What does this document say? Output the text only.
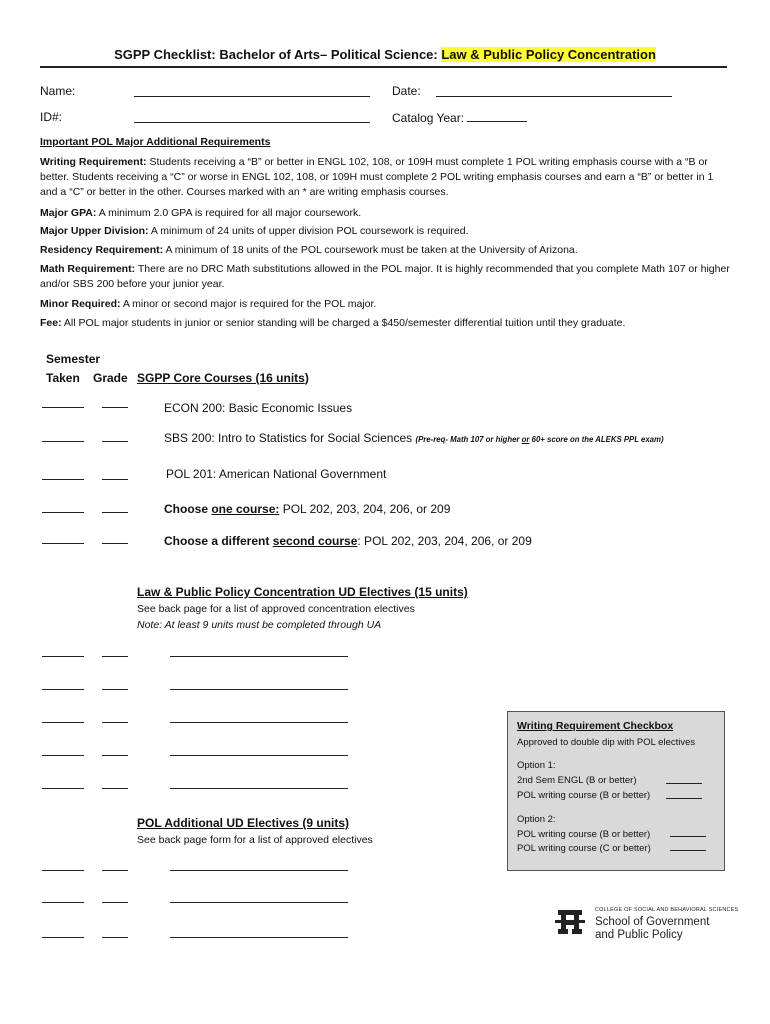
SGPP Checklist: Bachelor of Arts– Political Science: Law & Public Policy Concentration
Name:	Date:
ID#:	Catalog Year:
Important POL Major Additional Requirements
Writing Requirement: Students receiving a “B” or better in ENGL 102, 108, or 109H must complete 1 POL writing emphasis course with a “B or better. Students receiving a “C” or worse in ENGL 102, 108, or 109H must complete 2 POL writing emphasis courses and earn a “B” or better in 1 and a “C” or better in the other. Courses marked with an * are writing emphasis courses.
Major GPA: A minimum 2.0 GPA is required for all major coursework.
Major Upper Division: A minimum of 24 units of upper division POL coursework is required.
Residency Requirement: A minimum of 18 units of the POL coursework must be taken at the University of Arizona.
Math Requirement: There are no DRC Math substitutions allowed in the POL major. It is highly recommended that you complete Math 107 or higher and/or SBS 200 before your junior year.
Minor Required: A minor or second major is required for the POL major.
Fee: All POL major students in junior or senior standing will be charged a $450/semester differential tuition until they graduate.
Semester
Taken Grade SGPP Core Courses (16 units)
ECON 200: Basic Economic Issues
SBS 200: Intro to Statistics for Social Sciences (Pre-req- Math 107 or higher or 60+ score on the ALEKS PPL exam)
POL 201: American National Government
Choose one course: POL 202, 203, 204, 206, or 209
Choose a different second course: POL 202, 203, 204, 206, or 209
Law & Public Policy Concentration UD Electives (15 units)
See back page for a list of approved concentration electives
Note: At least 9 units must be completed through UA
POL Additional UD Electives (9 units)
See back page form for a list of approved electives
Writing Requirement Checkbox
Approved to double dip with POL electives
Option 1:
2nd Sem ENGL (B or better)
POL writing course (B or better)
Option 2:
POL writing course (B or better)
POL writing course (C or better)
COLLEGE OF SOCIAL AND BEHAVIORAL SCIENCES
School of Government
and Public Policy
